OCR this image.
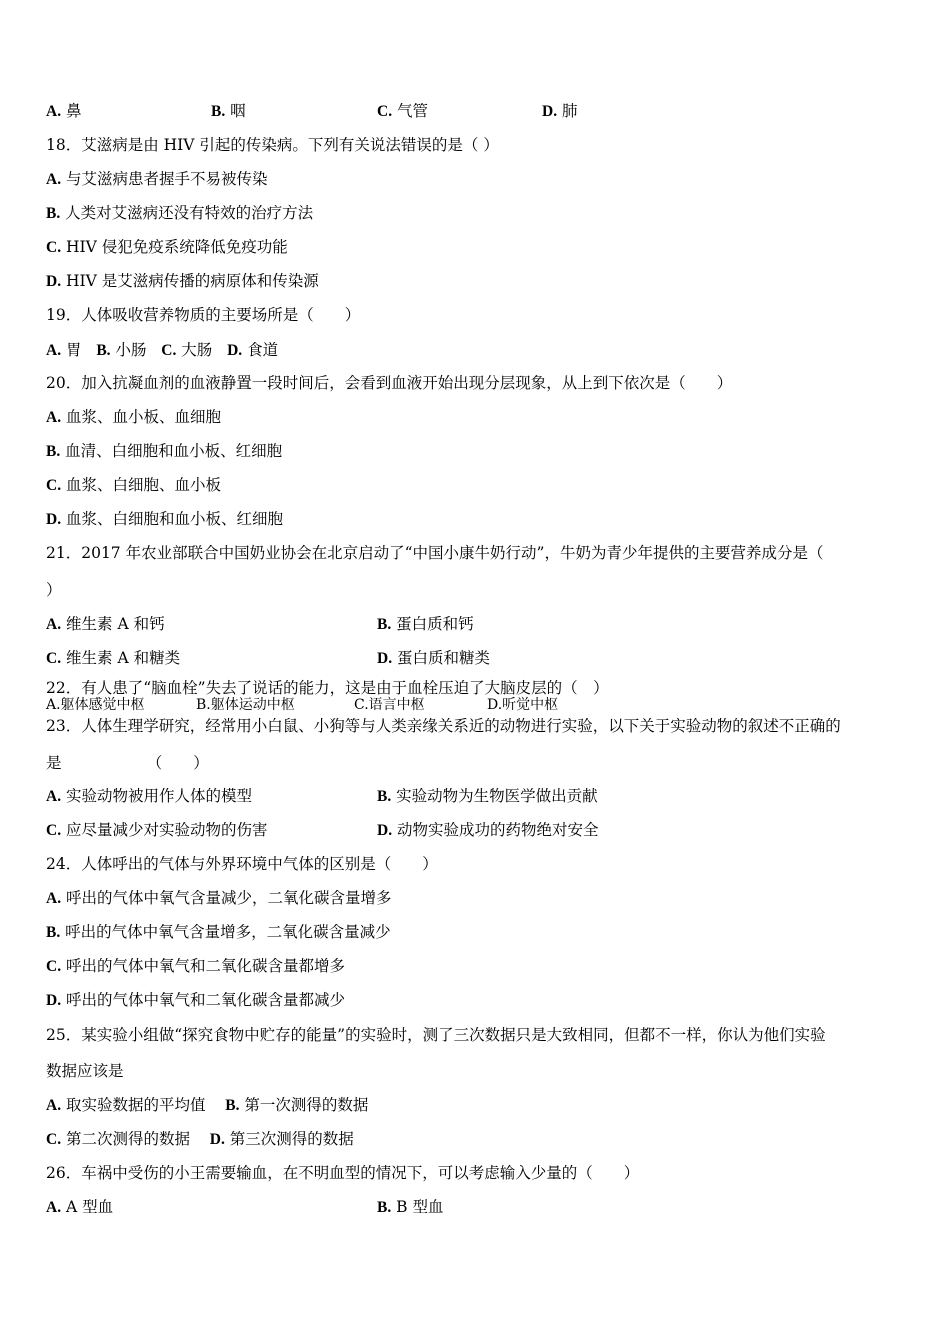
A. 鼻	B. 咽	C. 气管	D. 肺
18．艾滋病是由 HIV 引起的传染病。下列有关说法错误的是（ ）
A. 与艾滋病患者握手不易被传染
B. 人类对艾滋病还没有特效的治疗方法
C. HIV 侵犯免疫系统降低免疫功能
D. HIV 是艾滋病传播的病原体和传染源
19．人体吸收营养物质的主要场所是（　　）
A. 胃 B. 小肠 C. 大肠 D. 食道
20．加入抗凝血剂的血液静置一段时间后，会看到血液开始出现分层现象，从上到下依次是（　　）
A. 血浆、血小板、血细胞
B. 血清、白细胞和血小板、红细胞
C. 血浆、白细胞、血小板
D. 血浆、白细胞和血小板、红细胞
21．2017 年农业部联合中国奶业协会在北京启动了“中国小康牛奶行动”，牛奶为青少年提供的主要营养成分是（
）
A. 维生素 A 和钙	B. 蛋白质和钙
C. 维生素 A 和糖类	D. 蛋白质和糖类
22．有人患了“脑血栓”失去了说话的能力，这是由于血栓压迫了大脑皮层的（　）
A.躯体感觉中枢	B.躯体运动中枢	C.语言中枢	D.听觉中枢
23．人体生理学研究，经常用小白鼠、小狗等与人类亲缘关系近的动物进行实验，以下关于实验动物的叙述不正确的
是　　　　　　（　　）
A. 实验动物被用作人体的模型	B. 实验动物为生物医学做出贡献
C. 应尽量减少对实验动物的伤害	D. 动物实验成功的药物绝对安全
24．人体呼出的气体与外界环境中气体的区别是（　　）
A. 呼出的气体中氧气含量减少，二氧化碳含量增多
B. 呼出的气体中氧气含量增多，二氧化碳含量减少
C. 呼出的气体中氧气和二氧化碳含量都增多
D. 呼出的气体中氧气和二氧化碳含量都减少
25．某实验小组做“探究食物中贮存的能量”的实验时，测了三次数据只是大致相同，但都不一样，你认为他们实验
数据应该是
A. 取实验数据的平均值 B. 第一次测得的数据
C. 第二次测得的数据 D. 第三次测得的数据
26．车祸中受伤的小王需要输血，在不明血型的情况下，可以考虑输入少量的（　　）
A. A 型血	B. B 型血
